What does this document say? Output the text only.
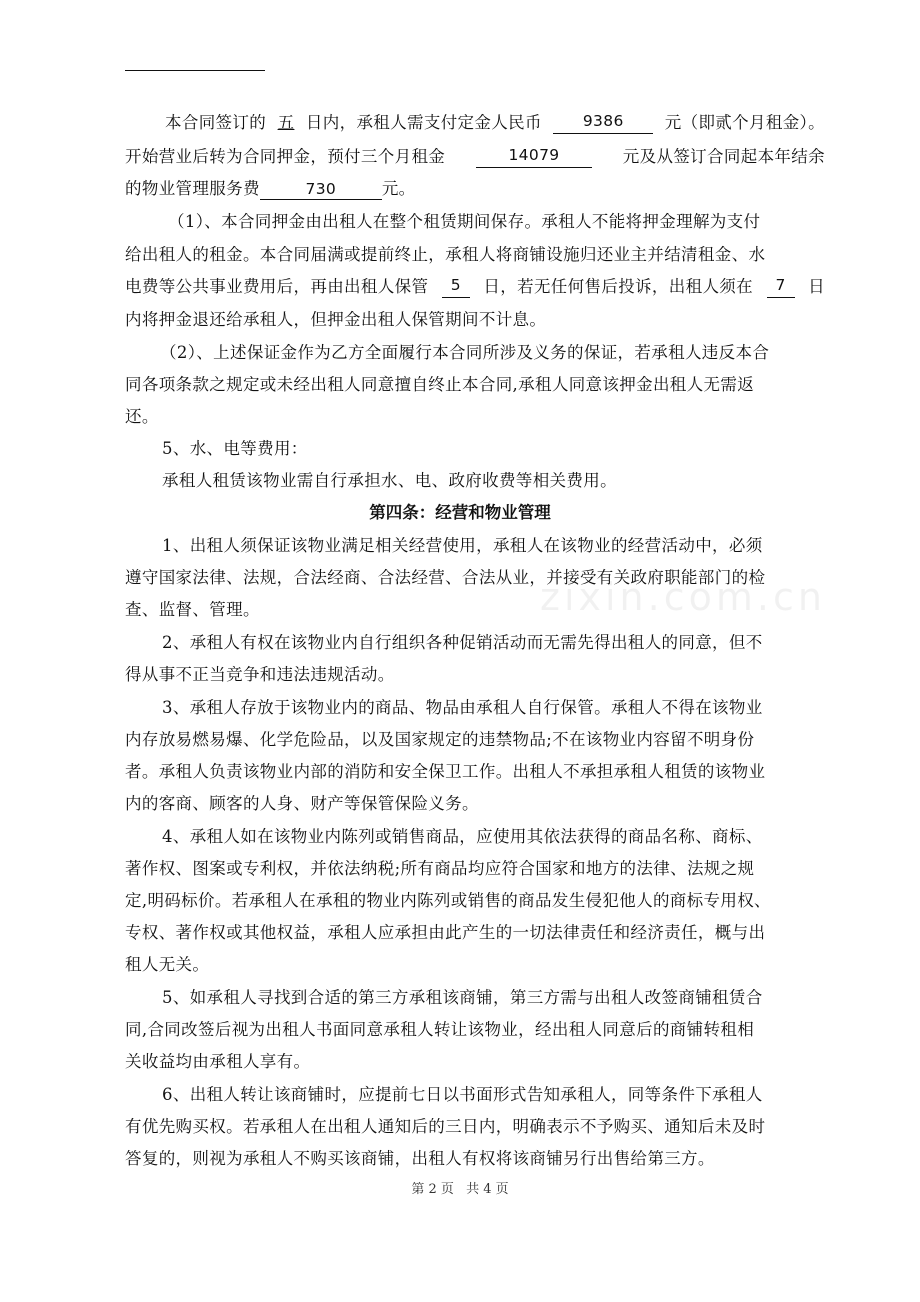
zixin.com.cn
本合同签订的 五 日内，承租人需支付定金人民币	9386	元（即贰个月租金）。
开始营业后转为合同押金，预付三个月租金	14079	元及从签订合同起本年结余
的物业管理服务费	730	元。
（1）、本合同押金由出租人在整个租赁期间保存。承租人不能将押金理解为支付
给出租人的租金。本合同届满或提前终止，承租人将商铺设施归还业主并结清租金、水
电费等公共事业费用后，再由出租人保管	5	日，若无任何售后投诉，出租人须在	7	日
内将押金退还给承租人，但押金出租人保管期间不计息。
（2）、上述保证金作为乙方全面履行本合同所涉及义务的保证，若承租人违反本合
同各项条款之规定或未经出租人同意擅自终止本合同,承租人同意该押金出租人无需返
还。
5、水、电等费用：
承租人租赁该物业需自行承担水、电、政府收费等相关费用。
第四条：经营和物业管理
1、出租人须保证该物业满足相关经营使用，承租人在该物业的经营活动中，必须
遵守国家法律、法规，合法经商、合法经营、合法从业，并接受有关政府职能部门的检
查、监督、管理。
2、承租人有权在该物业内自行组织各种促销活动而无需先得出租人的同意，但不
得从事不正当竞争和违法违规活动。
3、承租人存放于该物业内的商品、物品由承租人自行保管。承租人不得在该物业
内存放易燃易爆、化学危险品，以及国家规定的违禁物品;不在该物业内容留不明身份
者。承租人负责该物业内部的消防和安全保卫工作。出租人不承担承租人租赁的该物业
内的客商、顾客的人身、财产等保管保险义务。
4、承租人如在该物业内陈列或销售商品，应使用其依法获得的商品名称、商标、
著作权、图案或专利权，并依法纳税;所有商品均应符合国家和地方的法律、法规之规
定,明码标价。若承租人在承租的物业内陈列或销售的商品发生侵犯他人的商标专用权、
专权、著作权或其他权益，承租人应承担由此产生的一切法律责任和经济责任，概与出
租人无关。
5、如承租人寻找到合适的第三方承租该商铺，第三方需与出租人改签商铺租赁合
同,合同改签后视为出租人书面同意承租人转让该物业，经出租人同意后的商铺转租相
关收益均由承租人享有。
6、出租人转让该商铺时，应提前七日以书面形式告知承租人，同等条件下承租人
有优先购买权。若承租人在出租人通知后的三日内，明确表示不予购买、通知后未及时
答复的，则视为承租人不购买该商铺，出租人有权将该商铺另行出售给第三方。
第 2 页 共 4 页
